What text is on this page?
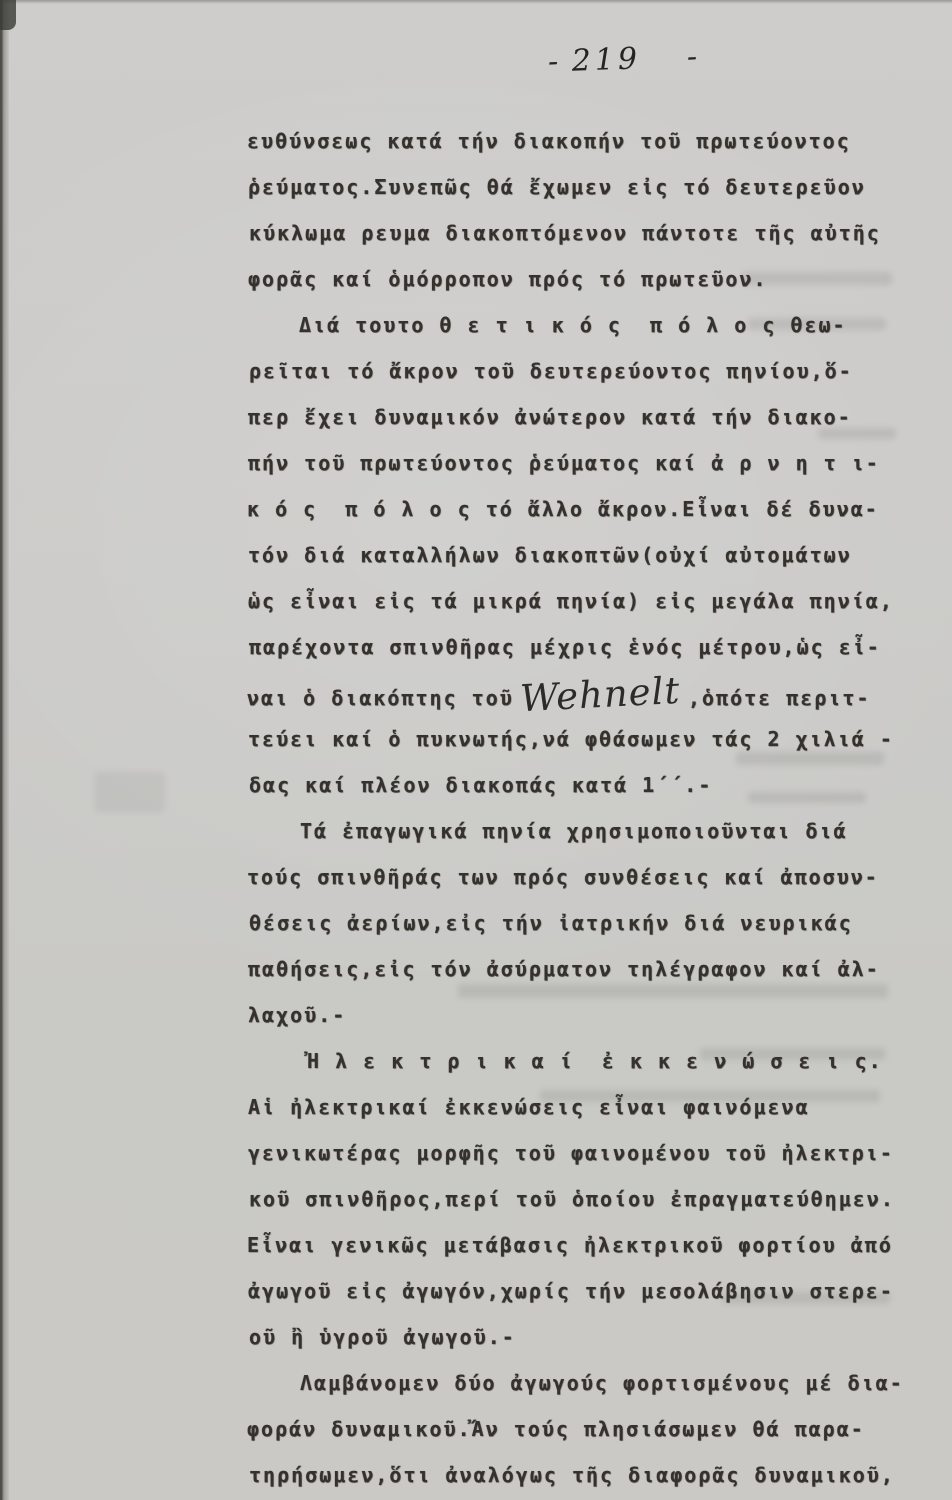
- 219 -
ευθύνσεως κατά τήν διακοπήν τοῦ πρωτεύοντος
ῥεύματος.Συνεπῶς θά ἔχωμεν εἰς τό δευτερεῦον
κύκλωμα ρευμα διακοπτόμενον πάντοτε τῆς αὐτῆς
φορᾶς καί ὁμόρροπον πρός τό πρωτεῦον.
Διά τουτο θ ε τ ι κ ό ς  π ό λ ο ς θεω-
ρεῖται τό ἄκρον τοῦ δευτερεύοντος πηνίου,ὅ-
περ ἔχει δυναμικόν ἀνώτερον κατά τήν διακο-
πήν τοῦ πρωτεύοντος ῥεύματος καί ἀ ρ ν η τ ι-
κ ό ς  π ό λ ο ς τό ἄλλο ἄκρον.Εἶναι δέ δυνα-
τόν διά καταλλήλων διακοπτῶν(οὐχί αὐτομάτων
ὡς εἶναι εἰς τά μικρά πηνία) εἰς μεγάλα πηνία,
παρέχοντα σπινθῆρας μέχρις ἑνός μέτρου,ὡς εἶ-
ναι ὁ διακόπτης τοῦ Wehnelt ,ὁπότε περιτ-
τεύει καί ὁ πυκνωτής,νά φθάσωμεν τάς 2 χιλιά -
δας καί πλέον διακοπάς κατά 1΄΄.-
Τά ἐπαγωγικά πηνία χρησιμοποιοῦνται διά
τούς σπινθῆράς των πρός συνθέσεις καί ἀποσυν-
θέσεις ἀερίων,εἰς τήν ἰατρικήν διά νευρικάς
παθήσεις,εἰς τόν ἀσύρματον τηλέγραφον καί ἀλ-
λαχοῦ.-
Ἠ λ ε κ τ ρ ι κ α ί  ἐ κ κ ε ν ώ σ ε ι ς.
Αἱ ἠλεκτρικαί ἐκκενώσεις εἶναι φαινόμενα
γενικωτέρας μορφῆς τοῦ φαινομένου τοῦ ἠλεκτρι-
κοῦ σπινθῆρος,περί τοῦ ὁποίου ἐπραγματεύθημεν.
Εἶναι γενικῶς μετάβασις ἠλεκτρικοῦ φορτίου ἀπό
ἀγωγοῦ εἰς ἀγωγόν,χωρίς τήν μεσολάβησιν στερε-
οῦ ἢ ὑγροῦ ἀγωγοῦ.-
Λαμβάνομεν δύο ἀγωγούς φορτισμένους μέ δια-
φοράν δυναμικοῦ.Ἄν τούς πλησιάσωμεν θά παρα-
τηρήσωμεν,ὅτι ἀναλόγως τῆς διαφορᾶς δυναμικοῦ,
